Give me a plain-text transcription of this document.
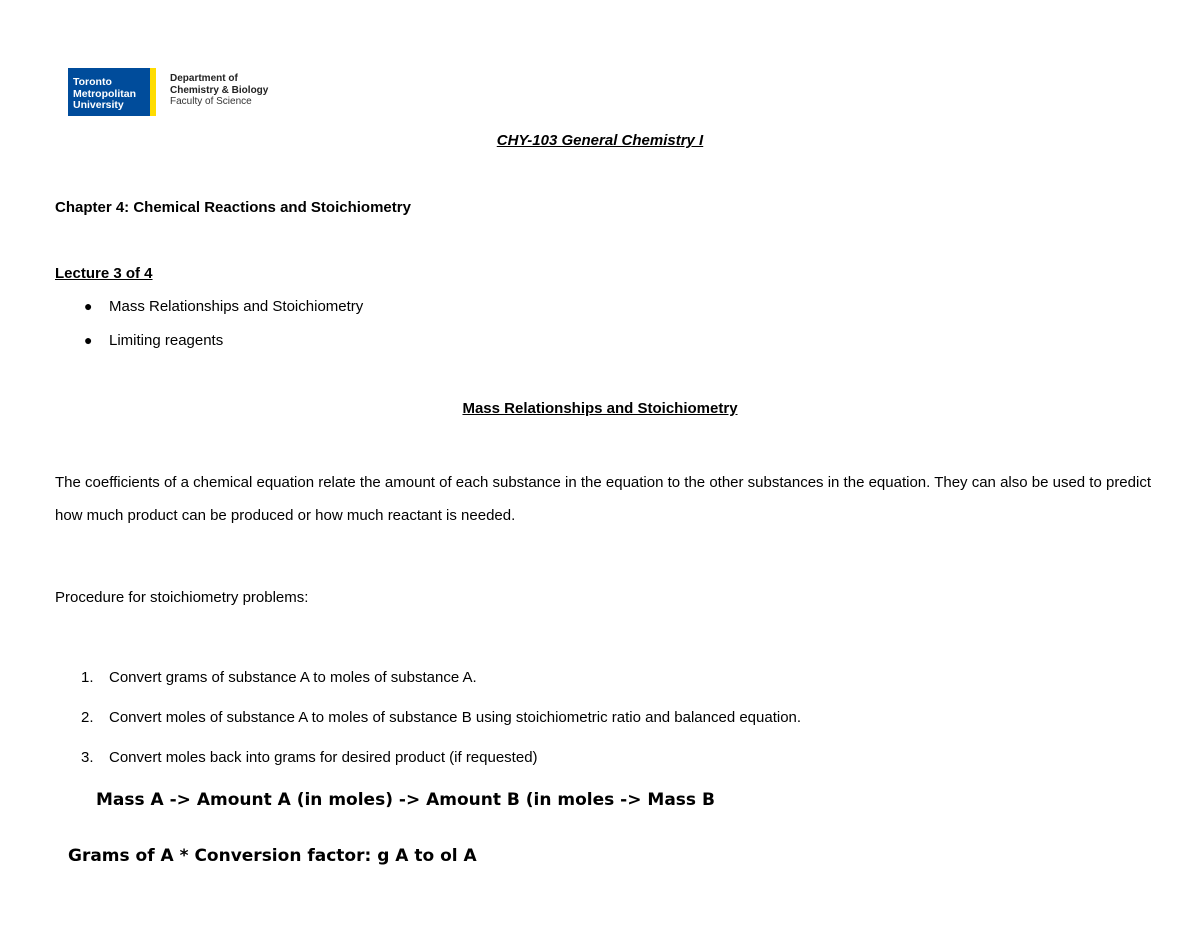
Toronto
Metropolitan
University
Department of
Chemistry & Biology
Faculty of Science
CHY-103 General Chemistry I
Chapter 4: Chemical Reactions and Stoichiometry
Lecture 3 of 4
● Mass Relationships and Stoichiometry
● Limiting reagents
Mass Relationships and Stoichiometry
The coefficients of a chemical equation relate the amount of each substance in the equation to the other substances in the equation. They can also be used to predict how much product can be produced or how much reactant is needed.
Procedure for stoichiometry problems:
1. Convert grams of substance A to moles of substance A.
2. Convert moles of substance A to moles of substance B using stoichiometric ratio and balanced equation.
3. Convert moles back into grams for desired product (if requested)
Mass A -> Amount A (in moles) -> Amount B (in moles -> Mass B
Grams of A * Conversion factor: g A to ol A
